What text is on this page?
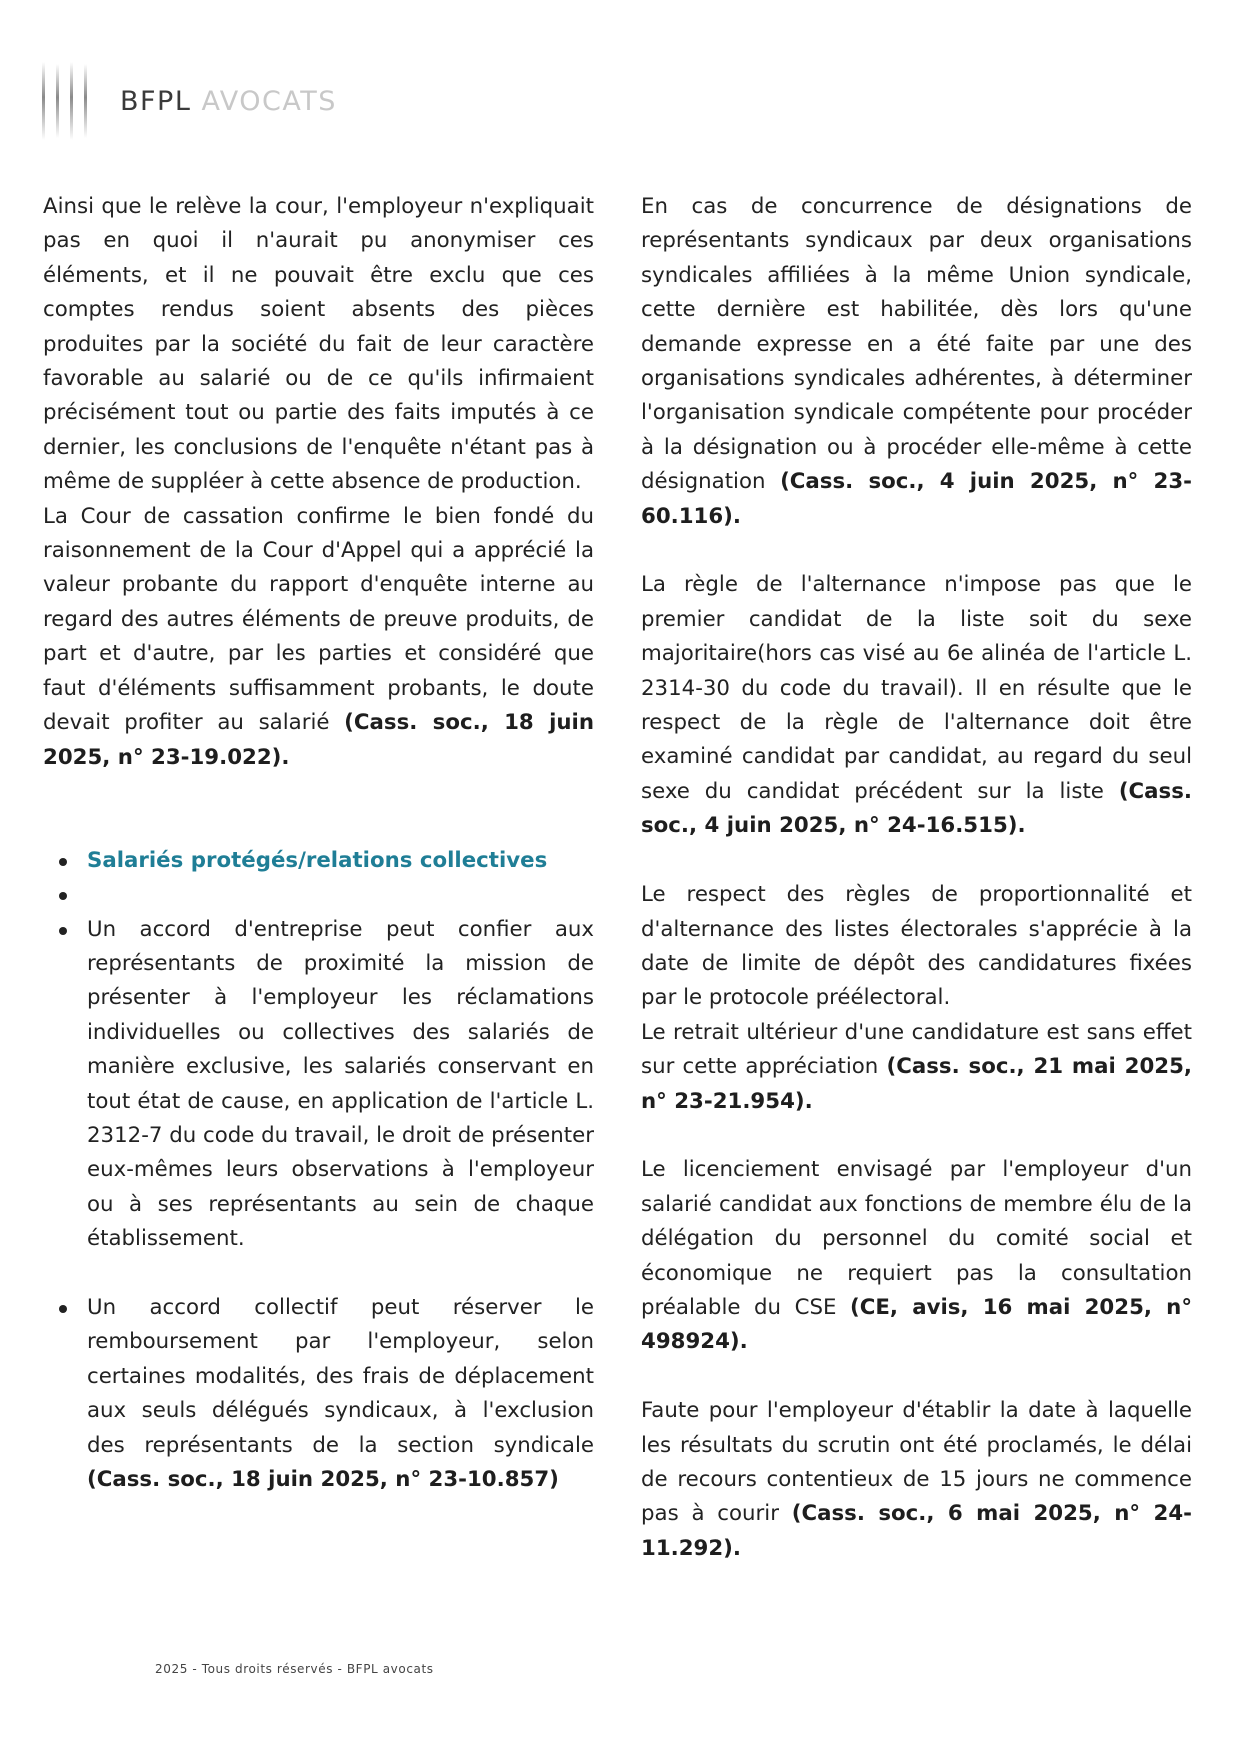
BFPL AVOCATS

Ainsi que le relève la cour, l'employeur n'expliquait pas en quoi il n'aurait pu anonymiser ces éléments, et il ne pouvait être exclu que ces comptes rendus soient absents des pièces produites par la société du fait de leur caractère favorable au salarié ou de ce qu'ils infirmaient précisément tout ou partie des faits imputés à ce dernier, les conclusions de l'enquête n'étant pas à même de suppléer à cette absence de production.

La Cour de cassation confirme le bien fondé du raisonnement de la Cour d'Appel qui a apprécié la valeur probante du rapport d'enquête interne au regard des autres éléments de preuve produits, de part et d'autre, par les parties et considéré que faut d'éléments suffisamment probants, le doute devait profiter au salarié (Cass. soc., 18 juin 2025, n° 23-19.022).

Salariés protégés/relations collectives
Un accord d'entreprise peut confier aux représentants de proximité la mission de présenter à l'employeur les réclamations individuelles ou collectives des salariés de manière exclusive, les salariés conservant en tout état de cause, en application de l'article L. 2312-7 du code du travail, le droit de présenter eux-mêmes leurs observations à l'employeur ou à ses représentants au sein de chaque établissement.
Un accord collectif peut réserver le remboursement par l'employeur, selon certaines modalités, des frais de déplacement aux seuls délégués syndicaux, à l'exclusion des représentants de la section syndicale (Cass. soc., 18 juin 2025, n° 23-10.857)

En cas de concurrence de désignations de représentants syndicaux par deux organisations syndicales affiliées à la même Union syndicale, cette dernière est habilitée, dès lors qu'une demande expresse en a été faite par une des organisations syndicales adhérentes, à déterminer l'organisation syndicale compétente pour procéder à la désignation ou à procéder elle-même à cette désignation (Cass. soc., 4 juin 2025, n° 23-60.116).

La règle de l'alternance n'impose pas que le premier candidat de la liste soit du sexe majoritaire(hors cas visé au 6e alinéa de l'article L. 2314-30 du code du travail). Il en résulte que le respect de la règle de l'alternance doit être examiné candidat par candidat, au regard du seul sexe du candidat précédent sur la liste (Cass. soc., 4 juin 2025, n° 24-16.515).

Le respect des règles de proportionnalité et d'alternance des listes électorales s'apprécie à la date de limite de dépôt des candidatures fixées par le protocole préélectoral.

Le retrait ultérieur d'une candidature est sans effet sur cette appréciation (Cass. soc., 21 mai 2025, n° 23-21.954).

Le licenciement envisagé par l'employeur d'un salarié candidat aux fonctions de membre élu de la délégation du personnel du comité social et économique ne requiert pas la consultation préalable du CSE (CE, avis, 16 mai 2025, n° 498924).

Faute pour l'employeur d'établir la date à laquelle les résultats du scrutin ont été proclamés, le délai de recours contentieux de 15 jours ne commence pas à courir (Cass. soc., 6 mai 2025, n° 24-11.292).

2025 - Tous droits réservés - BFPL avocats
